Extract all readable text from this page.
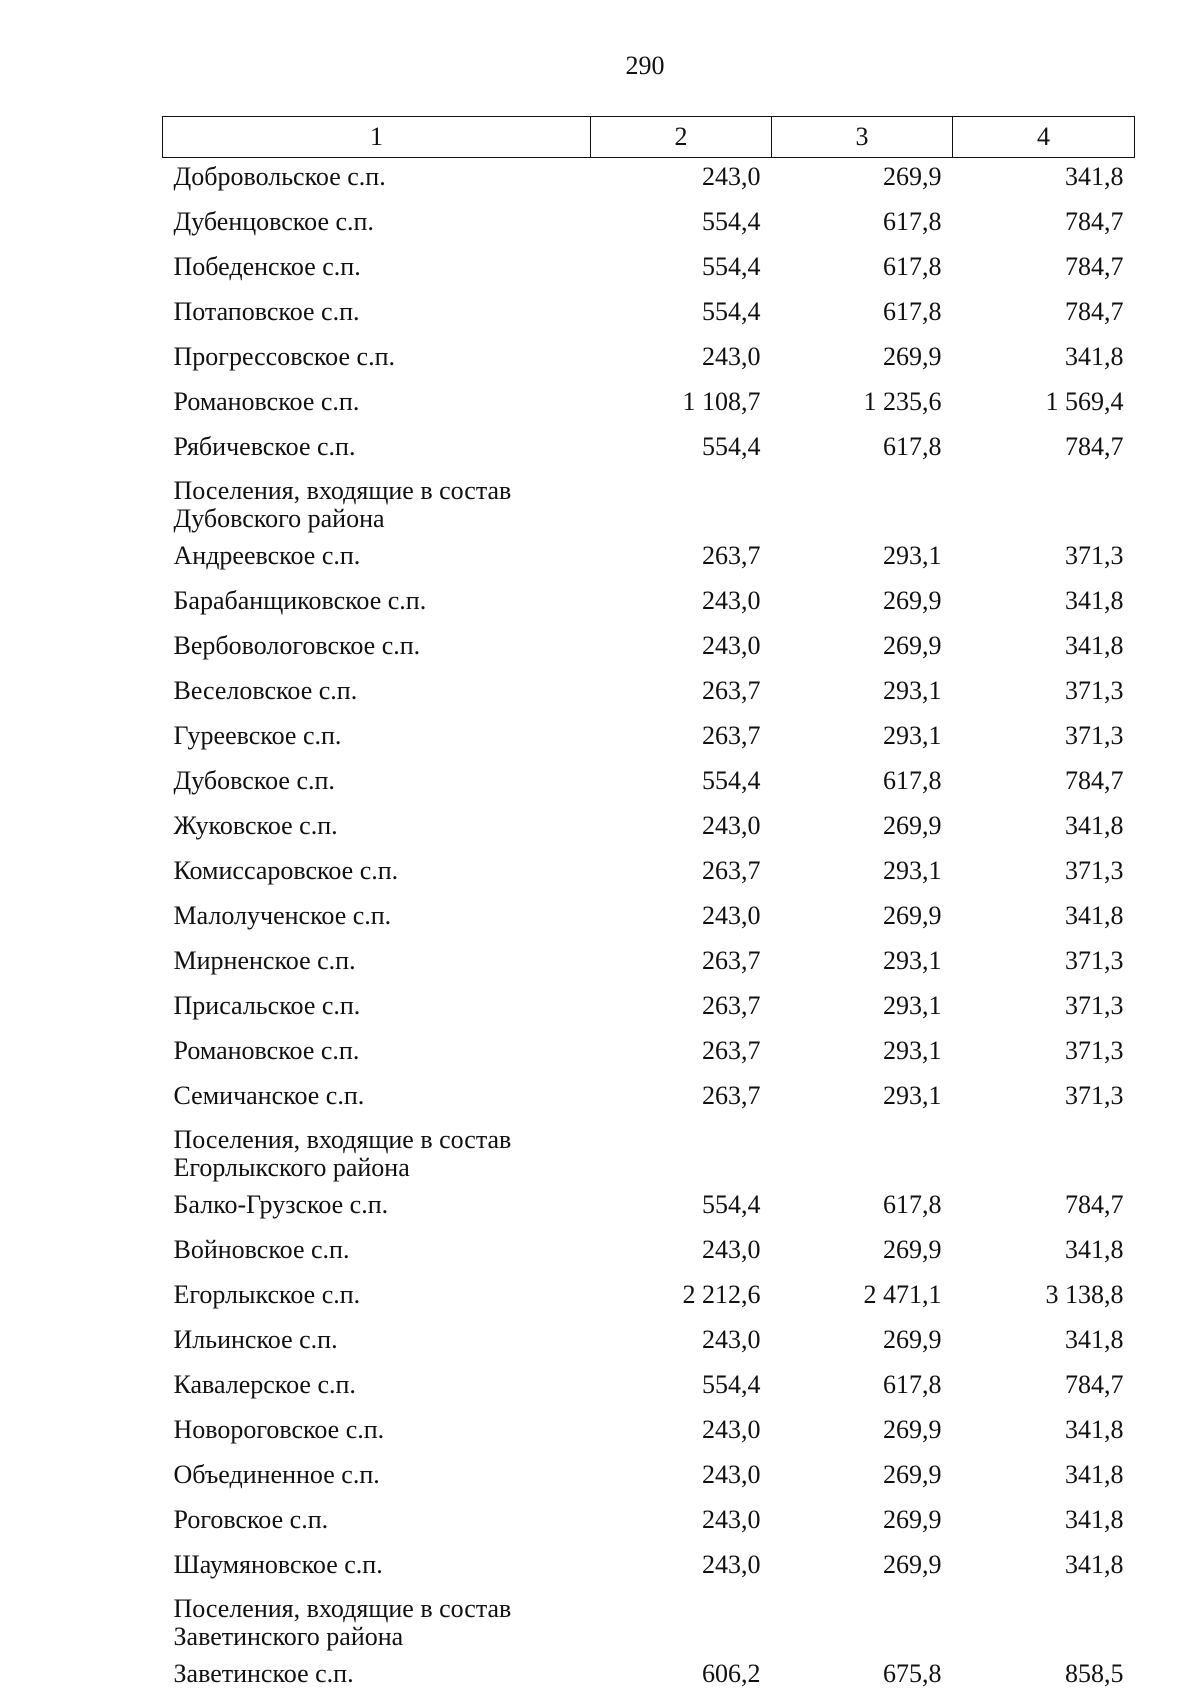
290
1	2	3	4
Добровольское с.п.	243,0	269,9	341,8
Дубенцовское с.п.	554,4	617,8	784,7
Победенское с.п.	554,4	617,8	784,7
Потаповское с.п.	554,4	617,8	784,7
Прогрессовское с.п.	243,0	269,9	341,8
Романовское с.п.	1 108,7	1 235,6	1 569,4
Рябичевское с.п.	554,4	617,8	784,7
Поселения, входящие в состав
Дубовского района			
Андреевское с.п.	263,7	293,1	371,3
Барабанщиковское с.п.	243,0	269,9	341,8
Вербовологовское с.п.	243,0	269,9	341,8
Веселовское с.п.	263,7	293,1	371,3
Гуреевское с.п.	263,7	293,1	371,3
Дубовское с.п.	554,4	617,8	784,7
Жуковское с.п.	243,0	269,9	341,8
Комиссаровское с.п.	263,7	293,1	371,3
Малолученское с.п.	243,0	269,9	341,8
Мирненское с.п.	263,7	293,1	371,3
Присальское с.п.	263,7	293,1	371,3
Романовское с.п.	263,7	293,1	371,3
Семичанское с.п.	263,7	293,1	371,3
Поселения, входящие в состав
Егорлыкского района			
Балко-Грузское с.п.	554,4	617,8	784,7
Войновское с.п.	243,0	269,9	341,8
Егорлыкское с.п.	2 212,6	2 471,1	3 138,8
Ильинское с.п.	243,0	269,9	341,8
Кавалерское с.п.	554,4	617,8	784,7
Новороговское с.п.	243,0	269,9	341,8
Объединенное с.п.	243,0	269,9	341,8
Роговское с.п.	243,0	269,9	341,8
Шаумяновское с.п.	243,0	269,9	341,8
Поселения, входящие в состав
Заветинского района			
Заветинское с.п.	606,2	675,8	858,5
